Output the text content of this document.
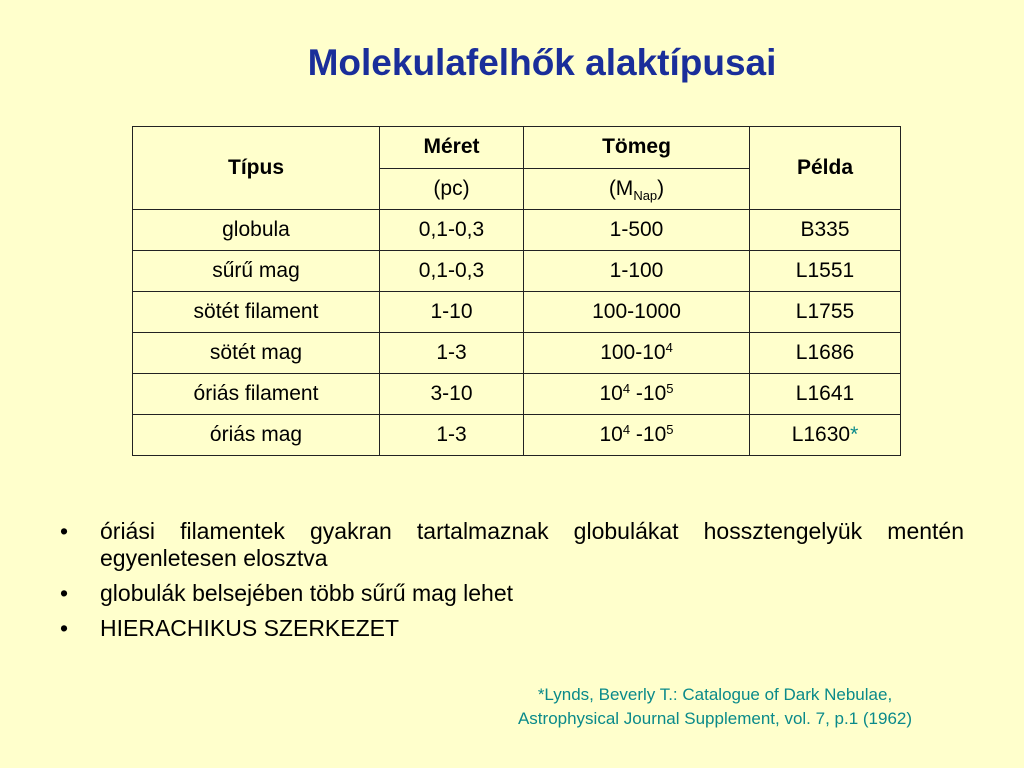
Molekulafelhők alaktípusai
Típus	Méret	Tömeg	Példa
	(pc)	$(M_{Nap})$	
globula	0,1-0,3	1-500	B335
sűrű mag	0,1-0,3	1-100	L1551
sötét filament	1-10	100-1000	L1755
sötét mag	1-3	$100-10^4$	L1686
óriás filament	3-10	$10^4$ $-10^5$	L1641
óriás mag	1-3	$10^4$ $-10^5$	L1630*
• óriási filamentek gyakran tartalmaznak globulákat hossztengelyük mentén egyenletesen elosztva
• globulák belsejében több sűrű mag lehet
• HIERACHIKUS SZERKEZET
*Lynds, Beverly T.: Catalogue of Dark Nebulae,
Astrophysical Journal Supplement, vol. 7, p.1 (1962)
